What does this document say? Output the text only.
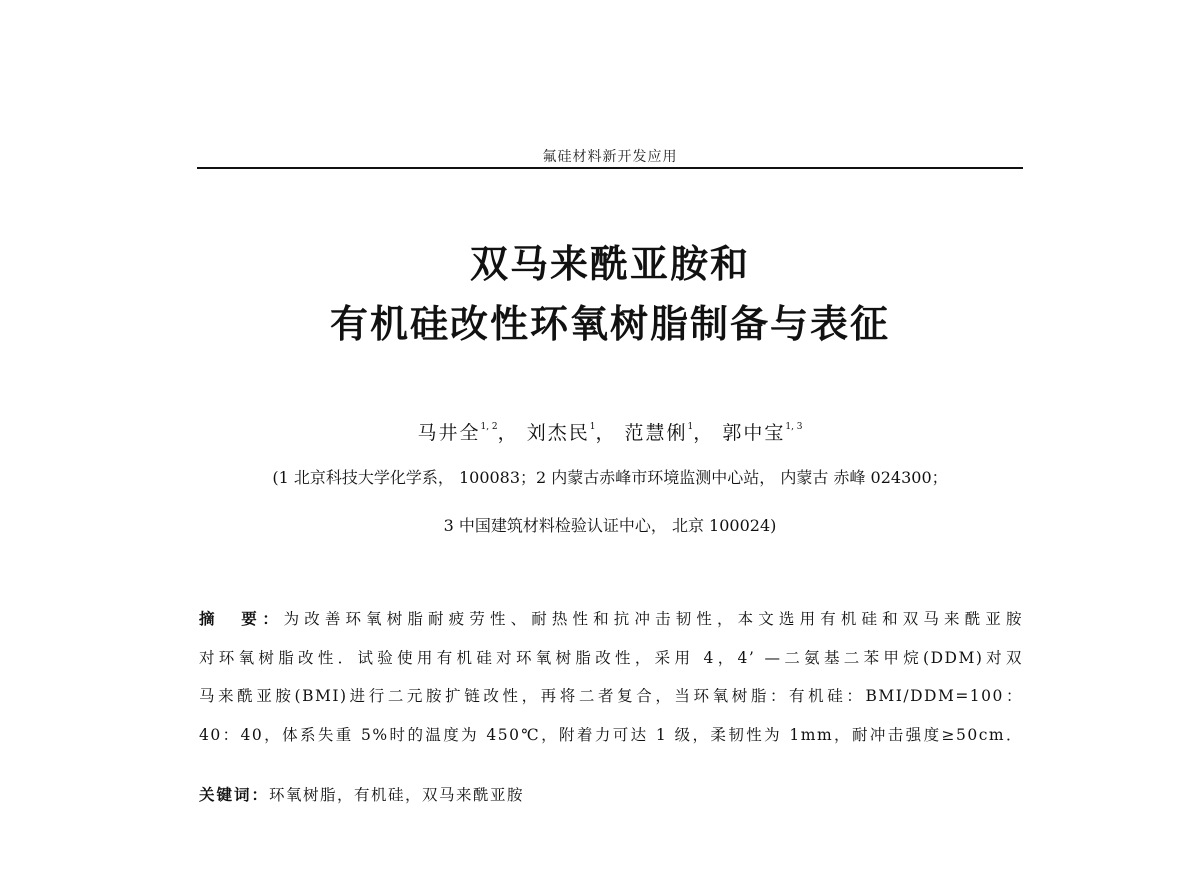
氟硅材料新开发应用
双马来酰亚胺和
有机硅改性环氧树脂制备与表征
马井全$^{1, 2}$， 刘杰民$^1$， 范慧俐$^1$， 郭中宝$^{1, 3}$
(1 北京科技大学化学系， 100083；2 内蒙古赤峰市环境监测中心站， 内蒙古 赤峰 024300；
3 中国建筑材料检验认证中心， 北京 100024)
摘　要：为改善环氧树脂耐疲劳性、耐热性和抗冲击韧性，本文选用有机硅和双马来酰亚胺
对环氧树脂改性．试验使用有机硅对环氧树脂改性，采用 4，4’ —二氨基二苯甲烷(DDM)对双
马来酰亚胺(BMI)进行二元胺扩链改性，再将二者复合，当环氧树脂：有机硅：BMI/DDM=100：
40：40，体系失重 5%时的温度为 450℃，附着力可达 1 级，柔韧性为 1mm，耐冲击强度≥50cm．
关键词：环氧树脂，有机硅，双马来酰亚胺
